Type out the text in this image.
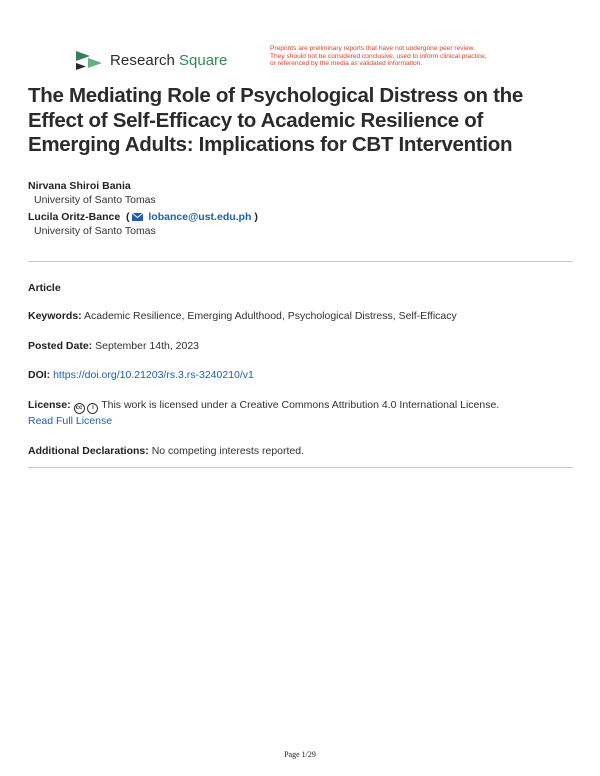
Research Square
Preprints are preliminary reports that have not undergone peer review.
They should not be considered conclusive, used to inform clinical practice,
or referenced by the media as validated information.
The Mediating Role of Psychological Distress on the
Effect of Self-Efficacy to Academic Resilience of
Emerging Adults: Implications for CBT Intervention
Nirvana Shiroi Bania
University of Santo Tomas
Lucila Oritz-Bance  ( lobance@ust.edu.ph )
University of Santo Tomas
Article
Keywords: Academic Resilience, Emerging Adulthood, Psychological Distress, Self-Efficacy
Posted Date: September 14th, 2023
DOI: https://doi.org/10.21203/rs.3.rs-3240210/v1
License: cc i This work is licensed under a Creative Commons Attribution 4.0 International License.
Read Full License
Additional Declarations: No competing interests reported.
Page 1/29
